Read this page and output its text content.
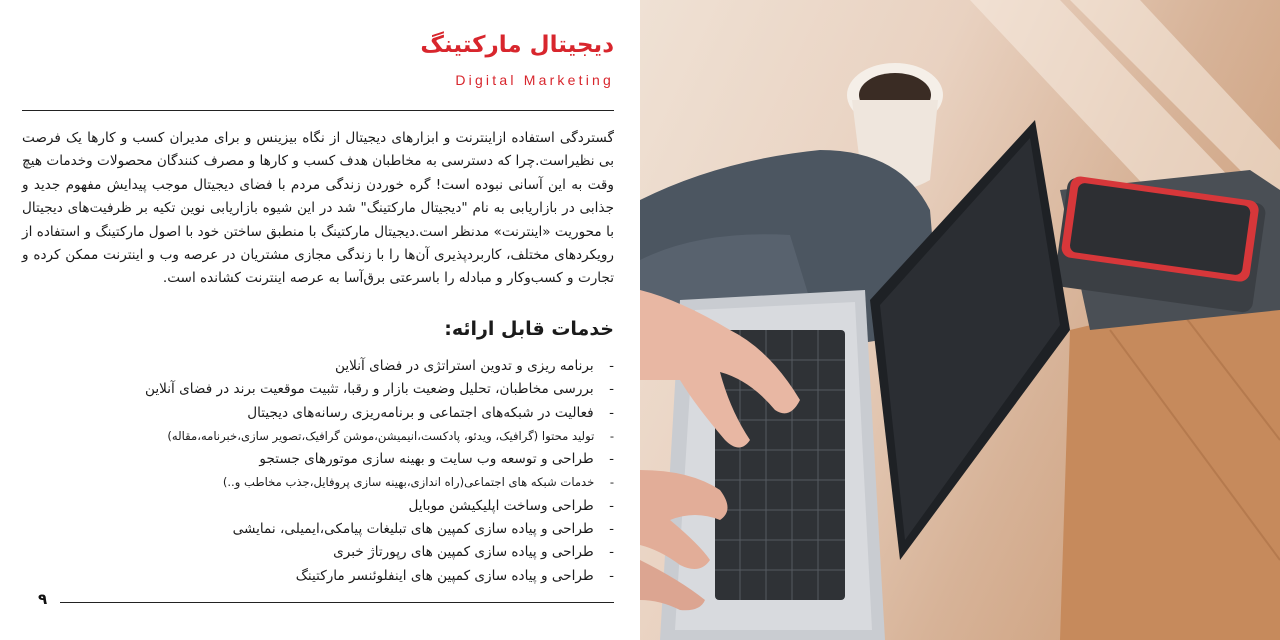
دیجیتال مارکتینگ
Digital Marketing
گستردگی استفاده ازاینترنت و ابزارهای دیجیتال از نگاه بیزینس و برای مدیران کسب و کارها یک فرصت بی نظیراست.چرا که دسترسی به مخاطبان هدف کسب و کارها و مصرف کنندگان محصولات وخدمات هیچ وقت به این آسانی نبوده است! گره خوردن زندگی مردم با فضای دیجیتال موجب پیدایش مفهوم جدید و جذابی در بازاریابی به نام "دیجیتال مارکتینگ" شد در این شیوه بازاریابی نوین تکیه بر ظرفیت‌های دیجیتال با محوریت «اینترنت» مدنظر است.دیجیتال مارکتینگ با منطبق ساختن خود با اصول مارکتینگ و استفاده از رویکردهای مختلف، کاربردپذیری آن‌ها را با زندگی مجازی مشتریان در عرصه وب و اینترنت ممکن کرده و تجارت و کسب‌وکار و مبادله را باسرعتی برق‌آسا به عرصه اینترنت کشانده است.
خدمات قابل ارائه:
- برنامه ریزی و تدوین استراتژی در فضای آنلاین
- بررسی مخاطبان، تحلیل وضعیت بازار و رقبا، تثبیت موقعیت برند در فضای آنلاین
- فعالیت در شبکه‌های اجتماعی و برنامه‌ریزی رسانه‌های دیجیتال
- تولید محتوا (گرافیک، ویدئو، پادکست،انیمیشن،موشن گرافیک،تصویر سازی،خبرنامه،مقاله)
- طراحی و توسعه وب سایت و بهینه سازی موتورهای جستجو
- خدمات شبکه های اجتماعی(راه اندازی،بهینه سازی پروفایل،جذب مخاطب و..)
- طراحی وساخت اپلیکیشن موبایل
- طراحی و پیاده سازی کمپین های تبلیغات پیامکی،ایمیلی، نمایشی
- طراحی و پیاده سازی کمپین های رپورتاژ خبری
- طراحی و پیاده سازی کمپین های اینفلوئنسر مارکتینگ
۹
